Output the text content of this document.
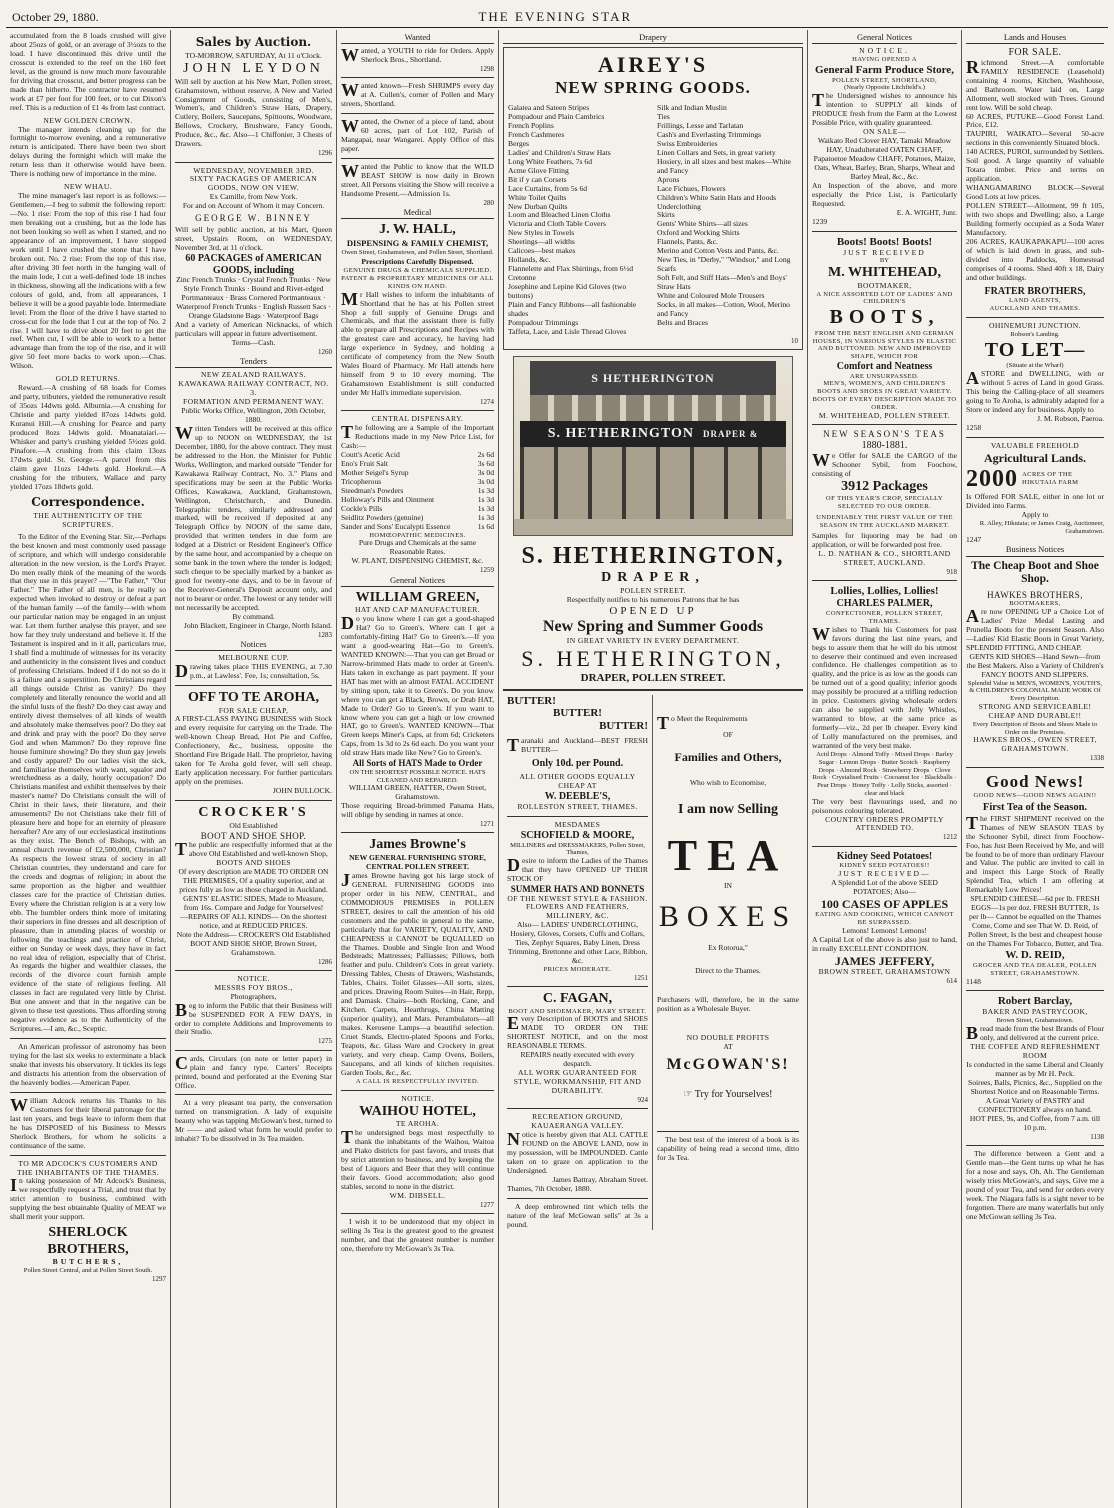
October 29, 1880.	THE EVENING STAR
accumulated from the 8 loads crushed will give about 25ozs of gold, or an average of 3½ozs to the load. I have discontinued this drive until the crosscut is extended to the reef on the 160 feet level, as the ground is now much more favourable for driving that crosscut, and better progress can be made than hitherto. The contractor have resumed work at £7 per foot for 100 feet, or to cut Dixon's reef. This is a reduction of £1 4s from last contract.
NEW GOLDEN CROWN.
The manager intends cleaning up for the fortnight to-morrow evening, and a remunerative return is anticipated. There have been two short delays during the fortnight which will make the return less than it otherwise would have been. There is nothing new of importance in the mine.
NEW WHAU.
The mine manager's last report is as follows:— Gentlemen,—I beg to submit the following report:—No. 1 rise: From the top of this rise I had four men breaking out a crushing, but as the lode has not been looking so well as when I started, and no appearance of an improvement, I have stopped work until I have crushed the stone that I have broken out. No. 2 rise: From the top of this rise, after driving 30 feet north in the hanging wall of the main lode, I cut a well-defined lode 18 inches in thickness, showing all the indications with a few colours of gold, and, from all appearances, I believe it will be a good payable lode. Intermediate level: From the floor of the drive I have started to cross-cut for the lode that I cut at the top of No. 2 rise. I will have to drive about 20 feet to get the reef. When cut, I will be able to work to a better advantage than from the top of the rise, and it will give 50 feet more backs to work upon.—Chas. Wilson.
GOLD RETURNS.
Reward.—A crushing of 68 loads for Cornes and party, tributers, yielded the remunerative result of 35ozs 14dwts gold. Alburnia.—A crushing for Christie and party yielded 87ozs 14dwts gold. Kuranui Hill.—A crushing for Pearce and party produced 8ozs 14dwts gold. Moanataiari.—Whisker and party's crushing yielded 5½ozs gold. Pinafore.—A crushing from this claim 13ozs 17dwts gold. St. George.—A parcel from this claim gave 11ozs 14dwts gold. Hoekrul.—A crushing for the tributers, Wallace and party yielded 17ozs 18dwts gold.
Correspondence.
THE AUTHENTICITY OF THE SCRIPTURES.
To the Editor of the Evening Star. Sir,—Perhaps the best known and most commonly used passage of scripture, and which will undergo considerable alteration in the new version, is the Lord's Prayer. Do men really think of the meaning of the words that they use in this prayer? —"The Father," "Our Father." The Father of all men, is he really so expected when invoked to destroy or defeat a part of the human family —of the family—with whom our particular nation may be engaged in an unjust war. Let them further analyse this prayer, and see how far they truly understand and believe it. If the Testament is inspired and in it all, particulars true, I shall find a multitude of witnesses for its veracity and authenticity in the consistent lives and conduct of professing Christians. Indeed if I do not so do it is a failure and a superstition. Do Christians regard all things outside Christ as vanity? Do they completely and literally renounce the world and all the sinful lusts of the flesh? Do they cast away and entirely divest themselves of all kinds of wealth and absolutely make themselves poor? Do they eat and drink and pray with the poor? Do they serve God and when Mammon? Do they reprove fine house furniture showing? Do they shun gay jewels and costly apparel? Do our ladies visit the sick, and familiarise themselves with want, squalor and wretchedness as a daily, hourly occupation? Do Christians manifest and exhibit themselves by their master's name? Do Christians consult the will of Christ in their laws, their literature, and their amusements? Do not Christians take their fill of pleasure here and hope for an eternity of pleasure hereafter? Are any of our ecclesiastical institutions as they exist. The Bench of Bishops, with an annual church revenue of £2,500,000, Christian? As respects the lowest strata of society in all Christian countries, they understand and care for the creeds and dogmas of religion; in about the same proportion as the higher and wealthier classes care for the practice of Christian duties. Every where the Christian religion is at a very low ebb. The humbler orders think more of imitating their superiors in fine dresses and all description of pleasure, than in attending places of worship or following the teachings and practice of Christ, either on Sunday or week days, they have in fact no real idea of religion, especially that of Christ. As regards the higher and wealthier classes, the records of the divorce court furnish ample evidence of the state of religious feeling. All classes in fact are regulated very little by Christ. But one answer and that in the negative can be given to these test questions. Thus affording strong negative evidence as to the Authenticity of the Scriptures.—I am, &c., Sceptic.
An American professor of astronomy has been trying for the last six weeks to exterminate a black snake that invests his observatory. It tickles its legs and distracts his attention from the observation of the heavenly bodies.—American Paper.
William Adcock returns his Thanks to his Customers for their liberal patronage for the last ten years, and begs leave to inform them that he has DISPOSED of his Business to Messrs Sherlock Brothers, for whom he solicits a continuance of the same.
TO MR ADCOCK'S CUSTOMERS AND THE INHABITANTS OF THE THAMES.
In taking possession of Mr Adcock's Business, we respectfully request a Trial, and trust that by strict attention to business, combined with supplying the best obtainable Quality of MEAT we shall merit your support.
SHERLOCK BROTHERS,
BUTCHERS,
Pollen Street Central, and at Pollen Street South.
1297
Sales by Auction.
TO-MORROW, SATURDAY, At 11 o'Clock.
JOHN LEYDON
Will sell by auction at his New Mart, Pollen street, Grahamstown, without reserve, A New and Varied Consignment of Goods, consisting of Men's, Women's, and Children's Straw Hats, Drapery, Cutlery, Boilers, Saucepans, Spittoons, Woodware, Bellows, Crockery, Brushware, Fancy Goods, Produce, &c., &c. Also—1 Chiffonier, 3 Chests of Drawers.
1296
WEDNESDAY, NOVEMBER 3RD.
SIXTY PACKAGES OF AMERICAN GOODS, NOW ON VIEW.
Ex Camille, from New York.
For and on Account of Whom it may Concern.
GEORGE W. BINNEY
Will sell by public auction, at his Mart, Queen street, Upstairs Room, on WEDNESDAY, November 3rd, at 11 o'clock.
60 PACKAGES of AMERICAN GOODS, including
Zinc French Trunks · Crystal French Trunks · New Style French Trunks · Bound and Rivet-edged Portmanteaux · Brass Cornered Portmanteaux · Waterproof French Trunks · English Russett Sacs · Orange Gladstone Bags · Waterproof Bags
And a variety of American Nicknacks, of which particulars will appear in future advertisement.
Terms—Cash.
1260
Tenders
NEW ZEALAND RAILWAYS.
KAWAKAWA RAILWAY CONTRACT, NO. 3.
FORMATION AND PERMANENT WAY.
Public Works Office, Wellington, 20th October, 1880.
Written Tenders will be received at this office up to NOON on WEDNESDAY, the 1st December, 1880, for the above contract. They must be addressed to the Hon. the Minister for Public Works, Wellington, and marked outside "Tender for Kawakawa Railway Contract, No. 3." Plans and specifications may be seen at the Public Works Offices, Kawakawa, Auckland, Grahamstown, Wellington, Christchurch, and Dunedin. Telegraphic tenders, similarly addressed and marked, will be received if deposited at any Telegraph Office by NOON of the same date, provided that written tenders in due form are lodged at a District or Resident Engineer's Office by the same hour, and accompanied by a cheque on some bank in the town where the tender is lodged; such cheque to be specially marked by a banker as good for twenty-one days, and to be in favour of the Receiver-General's Deposit account only, and not to bearer or order. The lowest or any tender will not necessarily be accepted.
By command.
John Blackett, Engineer in Charge, North Island.
1283
Notices
MELBOURNE CUP.
Drawing takes place THIS EVENING, at 7.30 p.m., at Lawless'. Fee, 1s; consultation, 5s.
OFF TO TE AROHA,
FOR SALE CHEAP,
A FIRST-CLASS PAYING BUSINESS with Stock and every requisite for carrying on the Trade. The well-known Cheap Bread, Hot Pie and Coffee, Confectionery, &c., business, opposite the Shortland Fire Brigade Hall. The proprietor, having taken for Te Aroha gold fever, will sell cheap. Early application necessary. For further particulars apply on the premises.
JOHN BULLOCK.
CROCKER'S
Old Established
BOOT AND SHOE SHOP.
The public are respectfully informed that at the above Old Established and well-known Shop,
BOOTS AND SHOES
Of every description are MADE TO ORDER ON THE PREMISES, Of a quality superior, and at prices fully as low as those charged in Auckland.
GENTS' ELASTIC SIDES, Made to Measure, from 16s. Compare and Judge for Yourselves!
—REPAIRS OF ALL KINDS— On the shortest notice, and at REDUCED PRICES.
Note the Address— CROCKER'S Old Established BOOT AND SHOE SHOP, Brown Street, Grahamstown.
1286
NOTICE.
MESSRS FOY BROS.,
Photographers,
Beg to inform the Public that their Business will be SUSPENDED FOR A FEW DAYS, in order to complete Additions and Improvements to their Studio.
1275
Cards, Circulars (on note or letter paper) in plain and fancy type. Carters' Receipts printed, bound and perforated at the Evening Star Office.
At a very pleasant tea party, the conversation turned on transmigration. A lady of exquisite beauty who was tapping McGowan's best, turned to Mr —— and asked what form he would prefer to inhabit? To be dissolved in 3s Tea maiden.
Wanted
Wanted, a YOUTH to ride for Orders. Apply Sherlock Bros., Shortland.
1298
Wanted known—Fresh SHRIMPS every day at A. Cullen's, corner of Pollen and Mary streets, Shortland.
Wanted, the Owner of a piece of land, about 60 acres, part of Lot 102, Parish of Mangapai, near Wangarei. Apply Office of this paper.
Wanted the Public to know that the WILD BEAST SHOW is now daily in Brown street. All Persons visiting the Show will receive a Handsome Present.—Admission 1s.
280
Medical
J. W. HALL,
DISPENSING & FAMILY CHEMIST,
Owen Street, Grahamstown, and Pollen Street, Shortland.
Prescriptions Carefully Dispensed.
GENUINE DRUGS & CHEMICALS SUPPLIED.
PATENT & PROPRIETARY MEDICINES OF ALL KINDS ON HAND.
Mr Hall wishes to inform the inhabitants of Shortland that he has at his Pollen street Shop a full supply of Genuine Drugs and Chemicals, and that the assistant there is fully able to prepare all Prescriptions and Recipes with the greatest care and accuracy, he having had large experience in Sydney, and holding a certificate of competency from the New South Wales Board of Pharmacy. Mr Hall attends here himself from 9 to 10 every morning. The Grahamstown Establishment is still conducted under Mr Hall's immediate supervision.
1274
CENTRAL DISPENSARY.
The following are a Sample of the Important Reductions made in my New Price List, for Cash:—
Coutt's Acetic Acid	2s 6d
Eno's Fruit Salt	3s 6d
Mother Seigel's Syrup	3s 0d
Tricopherous	3s 0d
Steedman's Powders	1s 3d
Holloway's Pills and Ointment	1s 3d
Cockle's Pills	1s 3d
Seidlitz Powders (genuine)	1s 3d
Sander and Sons' Eucalypti Essence	1s 6d
HOMŒOPATHIC MEDICINES.
Pure Drugs and Chemicals at the same Reasonable Rates.
W. PLANT, DISPENSING CHEMIST, &c.
1259
General Notices
WILLIAM GREEN,
HAT AND CAP MANUFACTURER.
Do you know where I can get a good-shaped Hat? Go to Green's. Where can I get a comfortably-fitting Hat? Go to Green's.—If you want a good-wearing Hat—Go to Green's. WANTED KNOWN:—That you can get Broad or Narrow-brimmed Hats made to order at Green's. Hats taken in exchange as part payment. If your HAT has met with an almost FATAL ACCIDENT by sitting upon, take it to Green's. Do you know where you can get a Black, Brown, or Drab HAT, Made to Order? Go to Green's. If you want to know where you can get a high or low crowned HAT, go to Green's. WANTED KNOWN—That Green keeps Miner's Caps, at from 6d; Cricketers Caps, from 1s 3d to 2s 6d each. Do you want your old straw Hats made like New? Go to Green's.
All Sorts of HATS Made to Order
ON THE SHORTEST POSSIBLE NOTICE. HATS CLEANED AND REPAIRED.
WILLIAM GREEN, HATTER, Owen Street, Grahamstown.
Those requiring Broad-brimmed Panama Hats, will oblige by sending in names at once.
1271
James Browne's
NEW GENERAL FURNISHING STORE, CENTRAL POLLEN STREET.
James Browne having got his large stock of GENERAL FURNISHING GOODS into proper order in his NEW, CENTRAL, and COMMODIOUS PREMISES in POLLEN STREET, desires to call the attention of his old customers and the public in general to the same, particularly that for VARIETY, QUALITY, AND CHEAPNESS it CANNOT be EQUALLED on the Thames. Double and Single Iron and Wood Bedsteads; Mattresses; Palliasses; Pillows, both feather and pulu. Children's Cots in great variety. Dressing Tables, Chests of Drawers, Washstands, Tables, Chairs. Toilet Glasses—All sorts, sizes, and prices. Drawing Room Suites—in Hair, Repp, and Damask. Chairs—both Rocking, Cane, and Kitchen. Carpets, Hearthrugs, China Matting (superior quality), and Mats. Perambulators—all makes. Kerosene Lamps—a beautiful selection. Cruet Stands, Electro-plated Spoons and Forks, Teapots, &c. Glass Ware and Crockery in great variety, and very cheap. Camp Ovens, Boilers, Saucepans, and all kinds of kitchen requisites. Garden Tools, &c., &c.
A CALL IS RESPECTFULLY INVITED.
NOTICE.
WAIHOU HOTEL,
TE AROHA.
The undersigned begs most respectfully to thank the inhabitants of the Waihou, Waitoa and Piako districts for past favors, and trusts that by strict attention to business, and by keeping the best of Liquors and Beer that they will continue their favors. Good accommodation; also good stables, second to none in the district.
WM. DIBSELL.
1277
I wish it to be understood that my object in selling 3s Tea is the greatest good to the greatest number, and that the greatest number is number one, therefore try McGowan's 3s Tea.
Drapery
AIREY'S
NEW SPRING GOODS.
Galatea and Sateen Stripes
Pompadour and Plain Cambrics
French Poplins
French Cashmeres
Berges
Ladies' and Children's Straw Hats
Long White Feathers, 7s 6d
Acme Glove Fitting
Bit if y can Corsets
Lace Curtains, from 5s 6d
White Toilet Quilts
New Durban Quilts
Loom and Bleached Linen Cloths
Victoria and Cloth Table Covers
New Styles in Towels
Sheetings—all widths
Calicoes—best makes
Hollands, &c.
Flannelette and Flax Shirtings, from 6½d
Cretonne
Josephine and Lepine Kid Gloves (two buttons)
Plain and Fancy Ribbons—all fashionable shades
Pompadour Trimmings
Taffeta, Lace, and Lisle Thread Gloves
Silk and Indian Muslin
Ties
Frillings, Lesse and Tarlatan
Cash's and Everlasting Trimmings
Swiss Embroideries
Linen Collars and Sets, in great variety
Hosiery, in all sizes and best makes—White and Fancy
Aprons
Lace Fichues, Flowers
Children's White Satin Hats and Hoods
Underclothing
Skirts
Gents' White Shirts—all sizes
Oxford and Working Shirts
Flannels, Pants, &c.
Merino and Cotton Vests and Pants, &c.
New Ties, in "Derby," "Windsor," and Long Scarfs
Soft Felt, and Stiff Hats—Men's and Boys'
Straw Hats
White and Coloured Mole Trousers
Socks, in all makes—Cotton, Wool, Merino and Fancy
Belts and Braces
10
S HETHERINGTON
S. HETHERINGTON DRAPER &
S. HETHERINGTON,
DRAPER,
POLLEN STREET.
Respectfully notifies to his numerous Patrons that he has
OPENED UP
New Spring and Summer Goods
IN GREAT VARIETY IN EVERY DEPARTMENT.
S. HETHERINGTON,
DRAPER, POLLEN STREET.
BUTTER!
BUTTER!
BUTTER!
Taranaki and Auckland—BEST FRESH BUTTER—
Only 10d. per Pound.
ALL OTHER GOODS EQUALLY CHEAP AT
W. DEEBLE'S,
ROLLESTON STREET, THAMES.
MESDAMES
SCHOFIELD & MOORE,
MILLINERS and DRESSMAKERS, Pollen Street, Thames,
Desire to inform the Ladies of the Thames that they have OPENED UP THEIR STOCK OF
SUMMER HATS AND BONNETS
OF THE NEWEST STYLE & FASHION.
FLOWERS AND FEATHERS, MILLINERY, &C.
Also— LADIES' UNDERCLOTHING, Hosiery, Gloves, Corsets, Cuffs and Collars, Ties, Zephyr Squares, Baby Linen, Dress Trimming, Brettonne and other Lace, Ribbon, &c.
PRICES MODERATE.
1251
C. FAGAN,
BOOT AND SHOEMAKER, MARY STREET.
Every Description of BOOTS and SHOES MADE TO ORDER ON THE SHORTEST NOTICE, and on the most REASONABLE TERMS.
REPAIRS neatly executed with every despatch.
ALL WORK GUARANTEED FOR STYLE, WORKMANSHIP, FIT AND DURABILITY.
924
RECREATION GROUND, KAUAERANGA VALLEY.
Notice is hereby given that ALL CATTLE FOUND on the ABOVE LAND, now in my possession, will be IMPOUNDED. Cattle taken on to graze on application to the Undersigned.
James Battray, Abraham Street.
Thames, 7th October, 1880.
A deep embrowned tint which tells the nature of the leaf McGowan sells" at 3s a pound.
To Meet the Requirements
OF
Families and Others,
Who wish to Economise,
I am now Selling
TEA
IN
BOXES
Ex Rotorua,"
Direct to the Thames.
Purchasers will, therefore, be in the same position as a Wholesale Buyer.
NO DOUBLE PROFITS
AT
McGOWAN'S!
☞ Try for Yourselves!
The best test of the interest of a book is its capability of being read a second time, ditto for 3s Tea.
General Notices
NOTICE.
HAVING OPENED A
General Farm Produce Store,
POLLEN STREET, SHORTLAND,
(Nearly Opposite Litchfield's.)
The Undersigned wishes to announce his intention to SUPPLY all kinds of PRODUCE fresh from the Farm at the Lowest Possible Price, with quality guaranteed.
ON SALE—
Waikato Red Clover HAY, Tamaki Meadow HAY, Unadulterated OATEN CHAFF, Papatoetoe Meadow CHAFF, Potatoes, Maize, Oats, Wheat, Barley, Bran, Sharps, Wheat and Barley Meal, &c., &c.
An Inspection of the above, and more especially the Price List, is Particularly Requested.
E. A. WIGHT, Junr.
1239
Boots! Boots! Boots!
JUST RECEIVED
BY
M. WHITEHEAD,
BOOTMAKER,
A NICE ASSORTED LOT OF LADIES' AND CHILDREN'S
BOOTS,
FROM THE BEST ENGLISH AND GERMAN HOUSES, IN VARIOUS STYLES IN ELASTIC AND BUTTONED. NEW AND IMPROVED SHAPE, WHICH FOR
Comfort and Neatness
ARE UNSURPASSED.
MEN'S, WOMEN'S, AND CHILDREN'S BOOTS AND SHOES IN GREAT VARIETY. BOOTS OF EVERY DESCRIPTION MADE TO ORDER.
M. WHITEHEAD, POLLEN STREET.
NEW SEASON'S TEAS
1880-1881.
We Offer for SALE the CARGO of the Schooner Sybil, from Foochow, consisting of
3912 Packages
OF THIS YEAR'S CROP, SPECIALLY SELECTED TO OUR ORDER.
UNDENIABLY THE FIRST VALUE OF THE SEASON IN THE AUCKLAND MARKET.
Samples for liquoring may be had on application, or will be forwarded post free.
L. D. NATHAN & CO., SHORTLAND STREET, AUCKLAND.
918
Lollies, Lollies, Lollies!
CHARLES PALMER,
CONFECTIONER, POLLEN STREET, THAMES.
Wishes to Thank his Customers for past favors during the last nine years, and begs to assure them that he will do his utmost to deserve their continued and even increased confidence. He challenges competition as to quality, and the price is as low as the goods can be turned out of a good quality; inferior goods may possibly be procured at a trifling reduction in price. Customers giving wholesale orders can also be supplied with Jelly Whistles, warranted to blow, at the same price as formerly—viz., 2d per lb cheaper. Every kind of Lolly manufactured on the premises, and warranted of the very best make.
Acid Drops · Almond Toffy · Mixed Drops · Barley Sugar · Lemon Drops · Butter Scotch · Raspberry Drops · Almond Rock · Strawberry Drops · Clove Rock · Crystalised Fruits · Cocoanut Ice · Blackballs · Pear Drops · Honey Toffy · Lolly Sticks, assorted · clear and black
The very best flavourings used, and no poisonous colouring tolerated.
COUNTRY ORDERS PROMPTLY ATTENDED TO.
1212
Kidney Seed Potatoes!
KIDNEY SEED POTATOES!!
JUST RECEIVED—
A Splendid Lot of the above SEED POTATOES; Also—
100 CASES OF APPLES
EATING AND COOKING, WHICH CANNOT BE SURPASSED.
Lemons! Lemons! Lemons!
A Capital Lot of the above is also just to hand, in really EXCELLENT CONDITION.
JAMES JEFFERY,
BROWN STREET, GRAHAMSTOWN
614
Lands and Houses
FOR SALE.
Richmond Street.—A comfortable FAMILY RESIDENCE (Leasehold) containing 4 rooms, Kitchen, Washhouse, and Bathroom. Water laid on, Large Allotment, well stocked with Trees. Ground rent low. Will be sold cheap.
60 ACRES, PUTUKE—Good Forest Land. Price, £12.
TAUPIRI, WAIKATO—Several 50-acre sections in this conveniently Situated block.
140 ACRES, PUROI, surrounded by Settlers. Soil good. A large quantity of valuable Totara timber. Price and terms on application.
WHANGAMARINO BLOCK—Several Good Lots at low prices.
POLLEN STREET—Allotment, 99 ft 105, with two shops and Dwelling; also, a Large Building formerly occupied as a Soda Water Manufactory.
206 ACRES, KAUKAPAKAPU—100 acres of which is laid down in grass, and sub-divided into Paddocks, Homestead comprises of 4 rooms. Shed 40ft x 18, Dairy and other buildings.
FRATER BROTHERS,
LAND AGENTS,
AUCKLAND AND THAMES.
OHINEMURI JUNCTION.
Robson's Landing.
TO LET—
(Situate at the Wharf)
ASTORE and DWELLING, with or without 5 acres of Land in good Grass. This being the Calling-place of all steamers going to Te Aroha, is admirably adapted for a Store or indeed any for business. Apply to
J. M. Robson, Paeroa.
1258
VALUABLE FREEHOLD
Agricultural Lands.
2000 ACRES OF THE HIKUTAIA FARM
Is Offered FOR SALE, either in one lot or Divided into Farms.
Apply to
R. Alley, Hikutaia; or James Craig, Auctioneer, Grahamstown.
1247
Business Notices
The Cheap Boot and Shoe Shop.
HAWKES BROTHERS,
BOOTMAKERS,
Are now OPENING UP a Choice Lot of Ladies' Prize Medal Lasting and Prunella Boots for the present Season. Also—Ladies' Kid Elastic Boots in Great Variety, SPLENDID FITTING, AND CHEAP.
GENTS KID SHOES—Hand Sewn—from the Best Makers. Also a Variety of Children's FANCY BOOTS AND SLIPPERS.
Splendid Value in MEN'S, WOMEN'S, YOUTH'S, & CHILDREN'S COLONIAL MADE WORK Of Every Description.
STRONG AND SERVICEABLE! CHEAP AND DURABLE!!
Every Description of Boots and Shoes Made to Order on the Premises.
HAWKES BROS., OWEN STREET, GRAHAMSTOWN.
1338
Good News!
GOOD NEWS—GOOD NEWS AGAIN!!
First Tea of the Season.
The FIRST SHIPMENT received on the Thames of NEW SEASON TEAS by the Schooner Sybil, direct from Foochow-Foo, has Just Been Received by Me, and will be found to be of more than ordinary Flavour and Value. The public are invited to call in and inspect this Large Stock of Really Splendid Tea, which I am offering at Remarkably Low Prices!
SPLENDID CHEESE—6d per lb. FRESH EGGS—1s per doz. FRESH BUTTER, 1s per lb— Cannot be equalled on the Thames
Come, Come and see That W. D. Reid, of Pollen Street, Is the best and cheapest house on the Thames For Tobacco, Butter, and Tea.
W. D. REID,
GROCER AND TEA DEALER, POLLEN STREET, GRAHAMSTOWN.
1148
Robert Barclay,
BAKER AND PASTRYCOOK,
Brown Street, Grahamstown.
Bread made from the best Brands of Flour only, and delivered at the current price.
THE COFFEE AND REFRESHMENT ROOM
Is conducted in the same Liberal and Cleanly manner as by Mr H. Peck.
Soirees, Balls, Picnics, &c., Supplied on the Shortest Notice and on Reasonable Terms.
A Great Variety of PASTRY and CONFECTIONERY always on hand.
HOT PIES, 9s, and Coffee, from 7 a.m. till 10 p.m.
1138
The difference between a Gent and a Gentle man—the Gent turns up what he has for a nose and says, Oh, Ah. The Gentleman wisely tries McGowan's, and says, Give me a pound of your Tea, and send for orders every week. The Niagara falls is a sight never to be forgotten. There are many waterfalls but only one McGowan selling 3s Tea.
